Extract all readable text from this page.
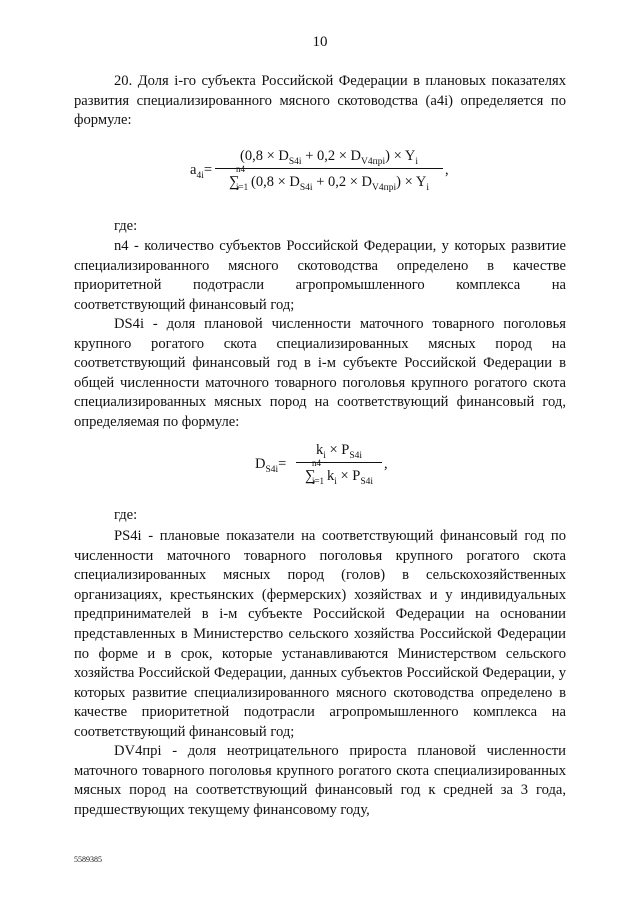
10

20. Доля i-го субъекта Российской Федерации в плановых показателях развития специализированного мясного скотоводства (a4i) определяется по формуле:

$a_{4i}=$
$(0,8 \times D_{S4i} + 0,2 \times D_{V4прi}) \times Y_i$
n4
∑
i=1 $(0,8 \times D_{S4i} + 0,2 \times D_{V4прi}) \times Y_i$
,

где:

n4 - количество субъектов Российской Федерации, у которых развитие специализированного мясного скотоводства определено в качестве приоритетной подотрасли агропромышленного комплекса на соответствующий финансовый год;

DS4i - доля плановой численности маточного товарного поголовья крупного рогатого скота специализированных мясных пород на соответствующий финансовый год в i-м субъекте Российской Федерации в общей численности маточного товарного поголовья крупного рогатого скота специализированных мясных пород на соответствующий финансовый год, определяемая по формуле:

$D_{S4i}=$
$k_i \times P_{S4i}$
n4
∑
i=1 $k_i \times P_{S4i}$
,

где:

PS4i - плановые показатели на соответствующий финансовый год по численности маточного товарного поголовья крупного рогатого скота специализированных мясных пород (голов) в сельскохозяйственных организациях, крестьянских (фермерских) хозяйствах и у индивидуальных предпринимателей в i-м субъекте Российской Федерации на основании представленных в Министерство сельского хозяйства Российской Федерации по форме и в срок, которые устанавливаются Министерством сельского хозяйства Российской Федерации, данных субъектов Российской Федерации, у которых развитие специализированного мясного скотоводства определено в качестве приоритетной подотрасли агропромышленного комплекса на соответствующий финансовый год;

DV4прi - доля неотрицательного прироста плановой численности маточного товарного поголовья крупного рогатого скота специализированных мясных пород на соответствующий финансовый год к средней за 3 года, предшествующих текущему финансовому году,

5589385
